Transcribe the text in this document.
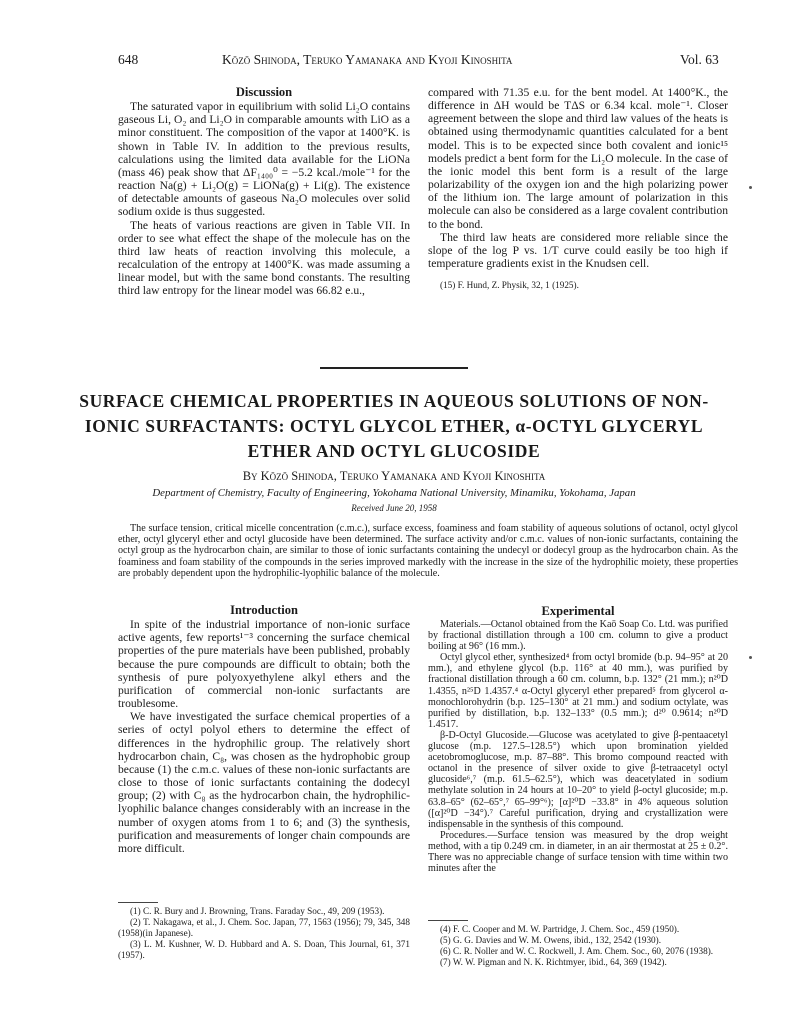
648	Kōzō Shinoda, Teruko Yamanaka and Kyoji Kinoshita	Vol. 63
Discussion

The saturated vapor in equilibrium with solid Li₂O contains gaseous Li, O₂ and Li₂O in comparable amounts with LiO as a minor constituent. The composition of the vapor at 1400°K. is shown in Table IV. In addition to the previous results, calculations using the limited data available for the LiONa (mass 46) peak show that ΔF₁₄₀₀⁰ = −5.2 kcal./mole⁻¹ for the reaction Na(g) + Li₂O(g) = LiONa(g) + Li(g). The existence of detectable amounts of gaseous Na₂O molecules over solid sodium oxide is thus suggested.

The heats of various reactions are given in Table VII. In order to see what effect the shape of the molecule has on the third law heats of reaction involving this molecule, a recalculation of the entropy at 1400°K. was made assuming a linear model, but with the same bond constants. The resulting third law entropy for the linear model was 66.82 e.u.,

compared with 71.35 e.u. for the bent model. At 1400°K., the difference in ΔH would be TΔS or 6.34 kcal. mole⁻¹. Closer agreement between the slope and third law values of the heats is obtained using thermodynamic quantities calculated for a bent model. This is to be expected since both covalent and ionic¹⁵ models predict a bent form for the Li₂O molecule. In the case of the ionic model this bent form is a result of the large polarizability of the oxygen ion and the high polarizing power of the lithium ion. The large amount of polarization in this molecule can also be considered as a large covalent contribution to the bond.

The third law heats are considered more reliable since the slope of the log P vs. 1/T curve could easily be too high if temperature gradients exist in the Knudsen cell.

(15) F. Hund, Z. Physik, 32, 1 (1925).
SURFACE CHEMICAL PROPERTIES IN AQUEOUS SOLUTIONS OF NON-
IONIC SURFACTANTS: OCTYL GLYCOL ETHER, α-OCTYL GLYCERYL
ETHER AND OCTYL GLUCOSIDE
By Kōzō Shinoda, Teruko Yamanaka and Kyoji Kinoshita
Department of Chemistry, Faculty of Engineering, Yokohama National University, Minamiku, Yokohama, Japan
Received June 20, 1958
The surface tension, critical micelle concentration (c.m.c.), surface excess, foaminess and foam stability of aqueous solutions of octanol, octyl glycol ether, octyl glyceryl ether and octyl glucoside have been determined. The surface activity and/or c.m.c. values of non-ionic surfactants, containing the octyl group as the hydrocarbon chain, are similar to those of ionic surfactants containing the undecyl or dodecyl group as the hydrocarbon chain. As the foaminess and foam stability of the compounds in the series improved markedly with the increase in the size of the hydrophilic moiety, these properties are probably dependent upon the hydrophilic-lyophilic balance of the molecule.
Introduction

In spite of the industrial importance of non-ionic surface active agents, few reports¹⁻³ concerning the surface chemical properties of the pure materials have been published, probably because the pure compounds are difficult to obtain; both the synthesis of pure polyoxyethylene alkyl ethers and the purification of commercial non-ionic surfactants are troublesome.

We have investigated the surface chemical properties of a series of octyl polyol ethers to determine the effect of differences in the hydrophilic group. The relatively short hydrocarbon chain, C₈, was chosen as the hydrophobic group because (1) the c.m.c. values of these non-ionic surfactants are close to those of ionic surfactants containing the dodecyl group; (2) with C₈ as the hydrocarbon chain, the hydrophilic-lyophilic balance changes considerably with an increase in the number of oxygen atoms from 1 to 6; and (3) the synthesis, purification and measurements of longer chain compounds are more difficult.

(1) C. R. Bury and J. Browning, Trans. Faraday Soc., 49, 209 (1953).
(2) T. Nakagawa, et al., J. Chem. Soc. Japan, 77, 1563 (1956); 79, 345, 348 (1958)(in Japanese).
(3) L. M. Kushner, W. D. Hubbard and A. S. Doan, This Journal, 61, 371 (1957).
Experimental

Materials.—Octanol obtained from the Kaō Soap Co. Ltd. was purified by fractional distillation through a 100 cm. column to give a product boiling at 96° (16 mm.).

Octyl glycol ether, synthesized⁴ from octyl bromide (b.p. 94–95° at 20 mm.), and ethylene glycol (b.p. 116° at 40 mm.), was purified by fractional distillation through a 60 cm. column, b.p. 132° (21 mm.); n²⁰D 1.4355, n²⁵D 1.4357.⁴ α-Octyl glyceryl ether prepared⁵ from glycerol α-monochlorohydrin (b.p. 125–130° at 21 mm.) and sodium octylate, was purified by distillation, b.p. 132–133° (0.5 mm.); d²⁰ 0.9614; n²⁰D 1.4517.

β-D-Octyl Glucoside.—Glucose was acetylated to give β-pentaacetyl glucose (m.p. 127.5–128.5°) which upon bromination yielded acetobromoglucose, m.p. 87–88°. This bromo compound reacted with octanol in the presence of silver oxide to give β-tetraacetyl octyl glucoside⁶,⁷ (m.p. 61.5–62.5°), which was deacetylated in sodium methylate solution in 24 hours at 10–20° to yield β-octyl glucoside; m.p. 63.8–65° (62–65°,⁷ 65–99°⁶); [α]²⁰D −33.8° in 4% aqueous solution ([α]²⁰D −34°).⁷ Careful purification, drying and crystallization were indispensable in the synthesis of this compound.

Procedures.—Surface tension was measured by the drop weight method, with a tip 0.249 cm. in diameter, in an air thermostat at 25 ± 0.2°. There was no appreciable change of surface tension with time within two minutes after the

(4) F. C. Cooper and M. W. Partridge, J. Chem. Soc., 459 (1950).
(5) G. G. Davies and W. M. Owens, ibid., 132, 2542 (1930).
(6) C. R. Noller and W. C. Rockwell, J. Am. Chem. Soc., 60, 2076 (1938).
(7) W. W. Pigman and N. K. Richtmyer, ibid., 64, 369 (1942).
